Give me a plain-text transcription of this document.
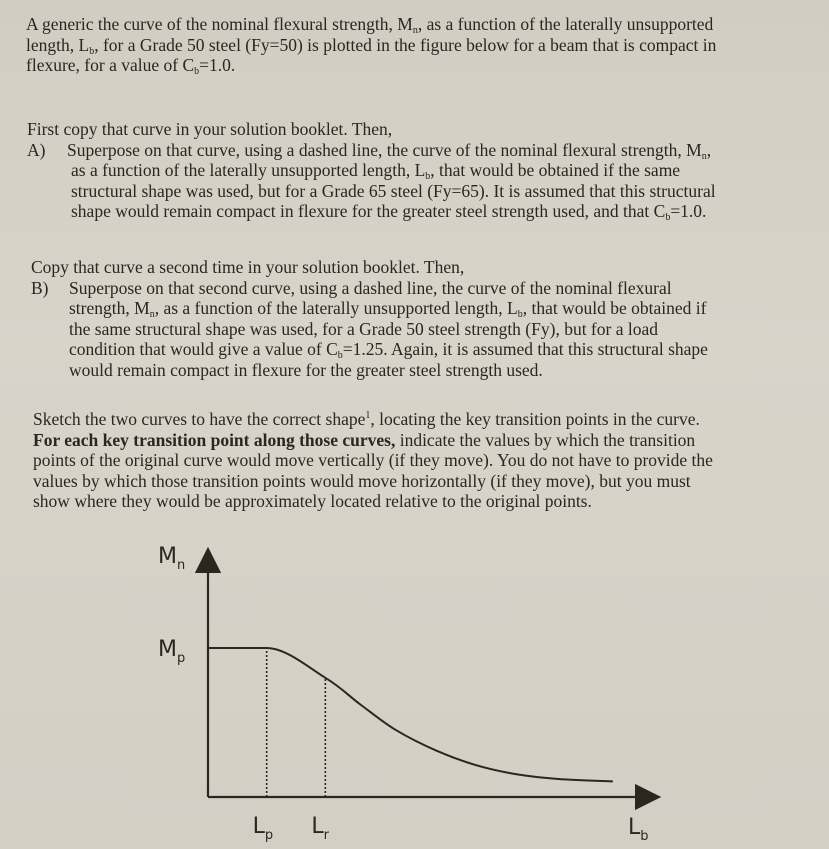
A generic the curve of the nominal flexural strength, $M_n$, as a function of the laterally unsupported
length, $L_b$, for a Grade 50 steel (Fy=50) is plotted in the figure below for a beam that is compact in
flexure, for a value of $C_b=1.0$.
First copy that curve in your solution booklet. Then,
A) Superpose on that curve, using a dashed line, the curve of the nominal flexural strength, $M_n$,
as a function of the laterally unsupported length, $L_b$, that would be obtained if the same
structural shape was used, but for a Grade 65 steel (Fy=65). It is assumed that this structural
shape would remain compact in flexure for the greater steel strength used, and that $C_b=1.0$.
Copy that curve a second time in your solution booklet. Then,
B) Superpose on that second curve, using a dashed line, the curve of the nominal flexural
strength, $M_n$, as a function of the laterally unsupported length, $L_b$, that would be obtained if
the same structural shape was used, for a Grade 50 steel strength (Fy), but for a load
condition that would give a value of $C_b=1.25$. Again, it is assumed that this structural shape
would remain compact in flexure for the greater steel strength used.
Sketch the two curves to have the correct shape$^1$, locating the key transition points in the curve.
For each key transition point along those curves, indicate the values by which the transition
points of the original curve would move vertically (if they move). You do not have to provide the
values by which those transition points would move horizontally (if they move), but you must
show where they would be approximately located relative to the original points.
$M_n$
$M_p$
$L_b$
$L_p$ $L_r$
